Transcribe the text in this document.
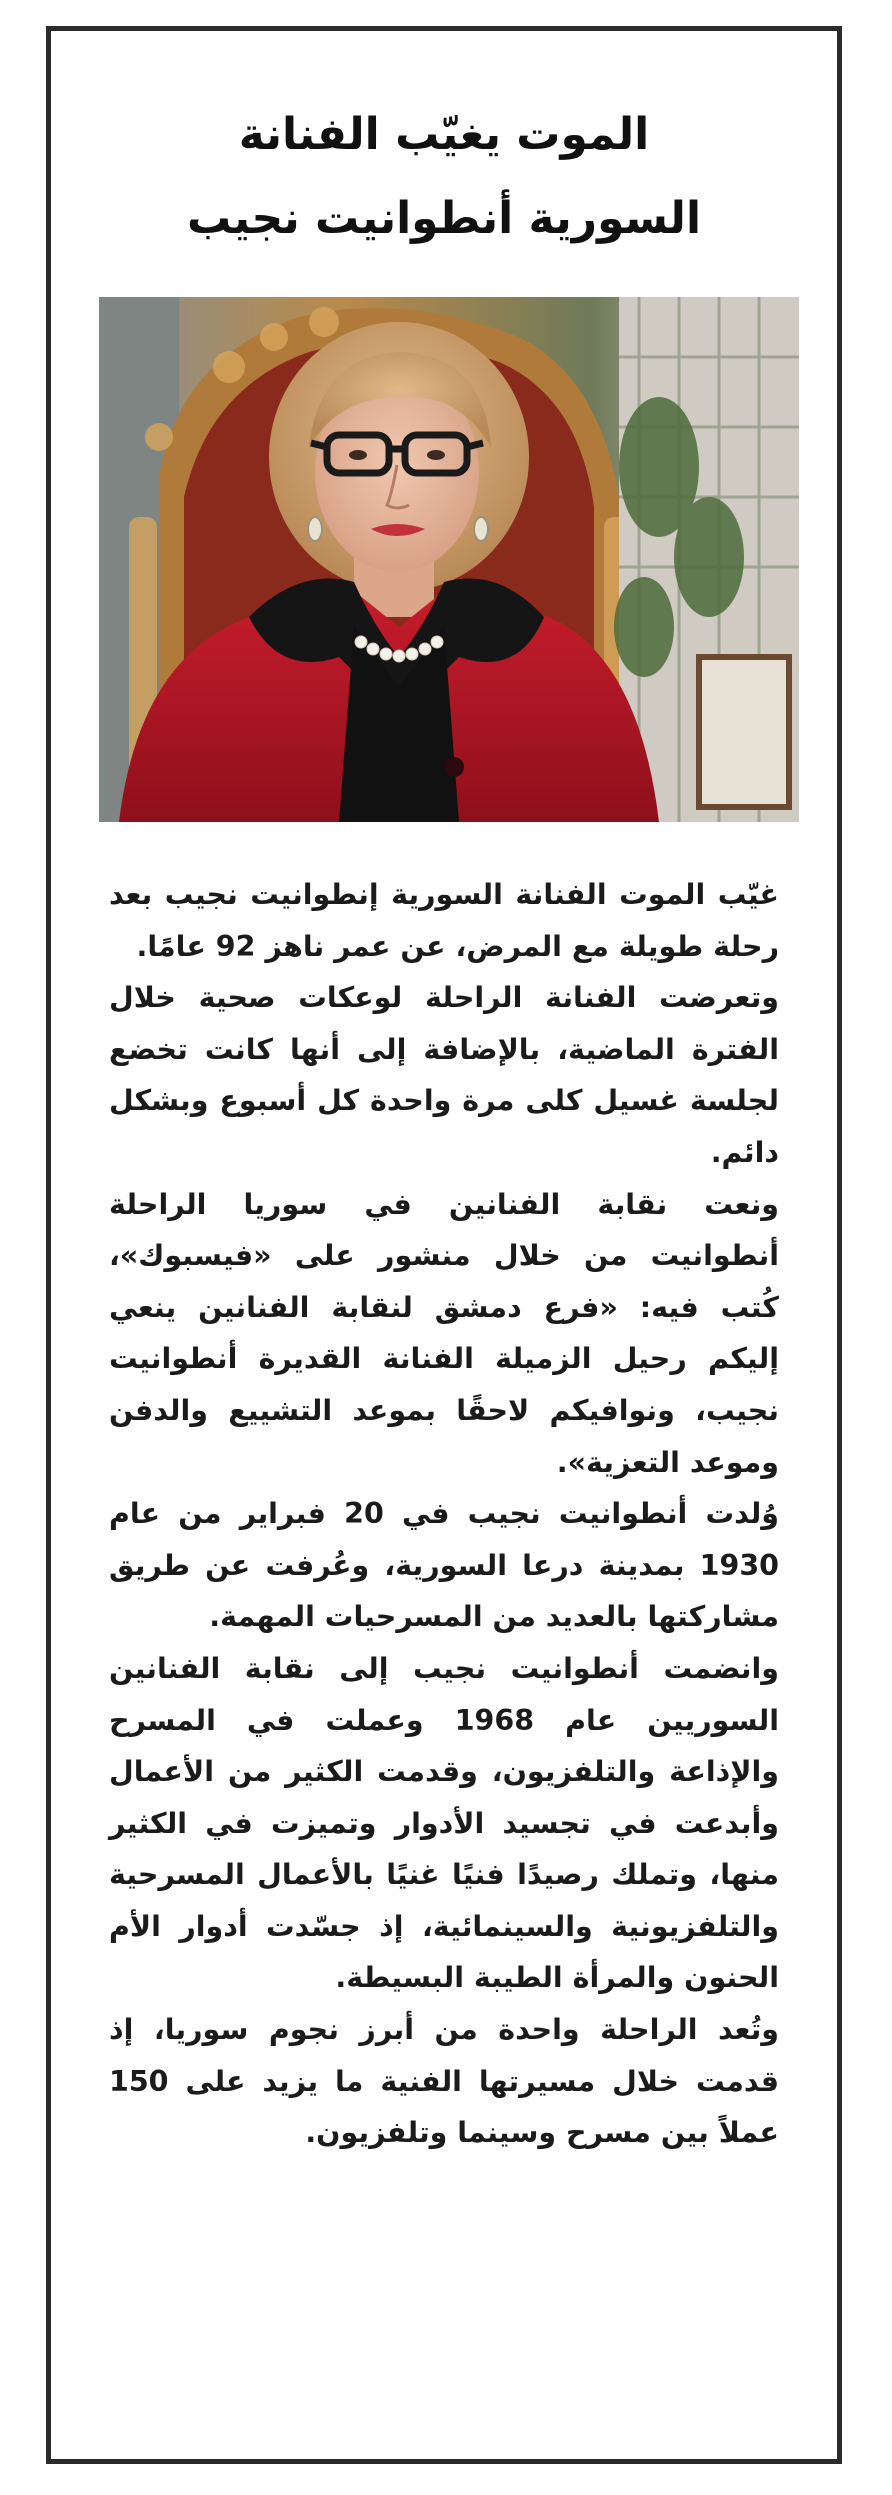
الموت يغيّب الفنانة
السورية أنطوانيت نجيب

غيّب الموت الفنانة السورية إنطوانيت نجيب بعد رحلة طويلة مع المرض، عن عمر ناهز 92 عامًا.

وتعرضت الفنانة الراحلة لوعكات صحية خلال الفترة الماضية، بالإضافة إلى أنها كانت تخضع لجلسة غسيل كلى مرة واحدة كل أسبوع وبشكل دائم.

ونعت نقابة الفنانين في سوريا الراحلة أنطوانيت من خلال منشور على «فيسبوك»، كُتب فيه: «فرع دمشق لنقابة الفنانين ينعي إليكم رحيل الزميلة الفنانة القديرة أنطوانيت نجيب، ونوافيكم لاحقًا بموعد التشييع والدفن وموعد التعزية».

وُلدت أنطوانيت نجيب في 20 فبراير من عام 1930 بمدينة درعا السورية، وعُرفت عن طريق مشاركتها بالعديد من المسرحيات المهمة.

وانضمت أنطوانيت نجيب إلى نقابة الفنانين السوريين عام 1968 وعملت في المسرح والإذاعة والتلفزيون، وقدمت الكثير من الأعمال وأبدعت في تجسيد الأدوار وتميزت في الكثير منها، وتملك رصيدًا فنيًا غنيًا بالأعمال المسرحية والتلفزيونية والسينمائية، إذ جسّدت أدوار الأم الحنون والمرأة الطيبة البسيطة.

وتُعد الراحلة واحدة من أبرز نجوم سوريا، إذ قدمت خلال مسيرتها الفنية ما يزيد على 150 عملاً بين مسرح وسينما وتلفزيون.
